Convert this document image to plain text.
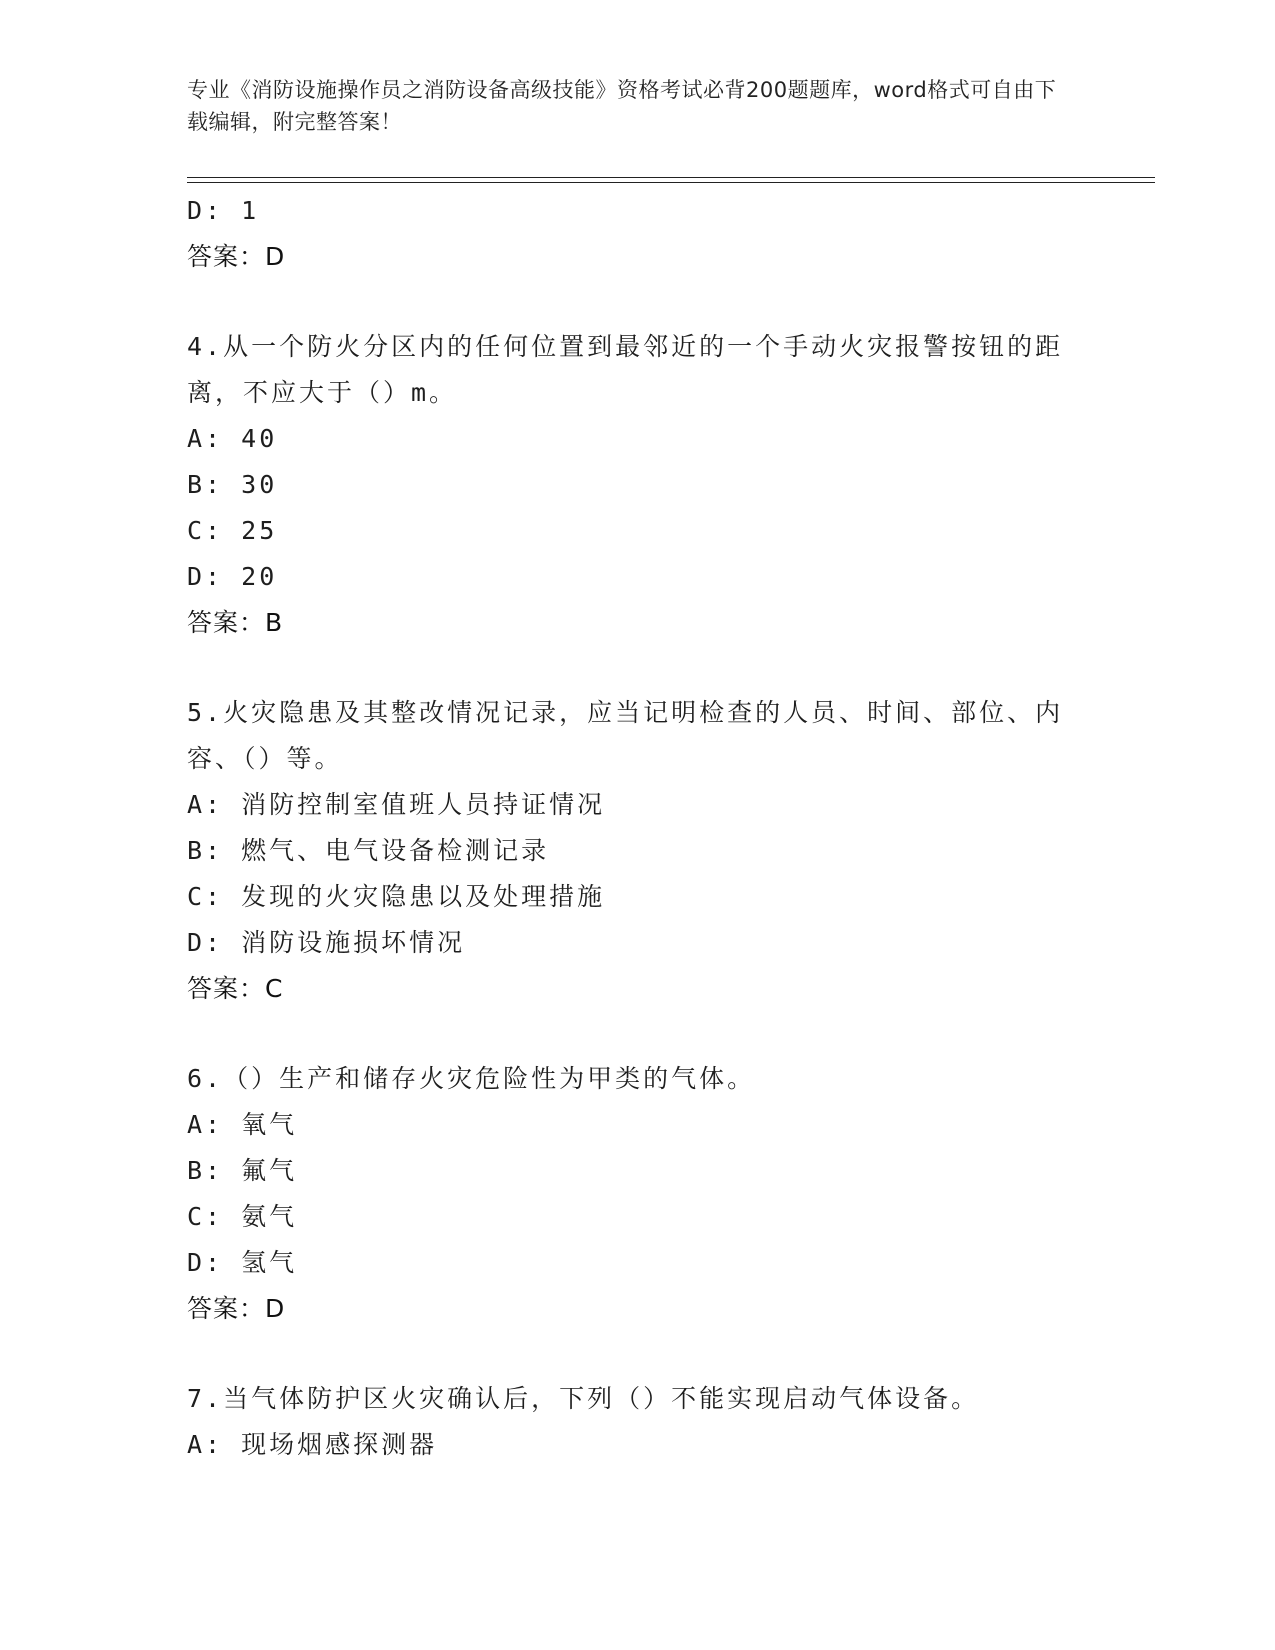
专业《消防设施操作员之消防设备高级技能》资格考试必背200题题库，word格式可自由下载编辑，附完整答案！
D: 1
答案：D
4.从一个防火分区内的任何位置到最邻近的一个手动火灾报警按钮的距离，不应大于（）m。
A: 40
B: 30
C: 25
D: 20
答案：B
5.火灾隐患及其整改情况记录，应当记明检查的人员、时间、部位、内容、（）等。
A: 消防控制室值班人员持证情况
B: 燃气、电气设备检测记录
C: 发现的火灾隐患以及处理措施
D: 消防设施损坏情况
答案：C
6.（）生产和储存火灾危险性为甲类的气体。
A: 氧气
B: 氟气
C: 氨气
D: 氢气
答案：D
7.当气体防护区火灾确认后，下列（）不能实现启动气体设备。
A: 现场烟感探测器
